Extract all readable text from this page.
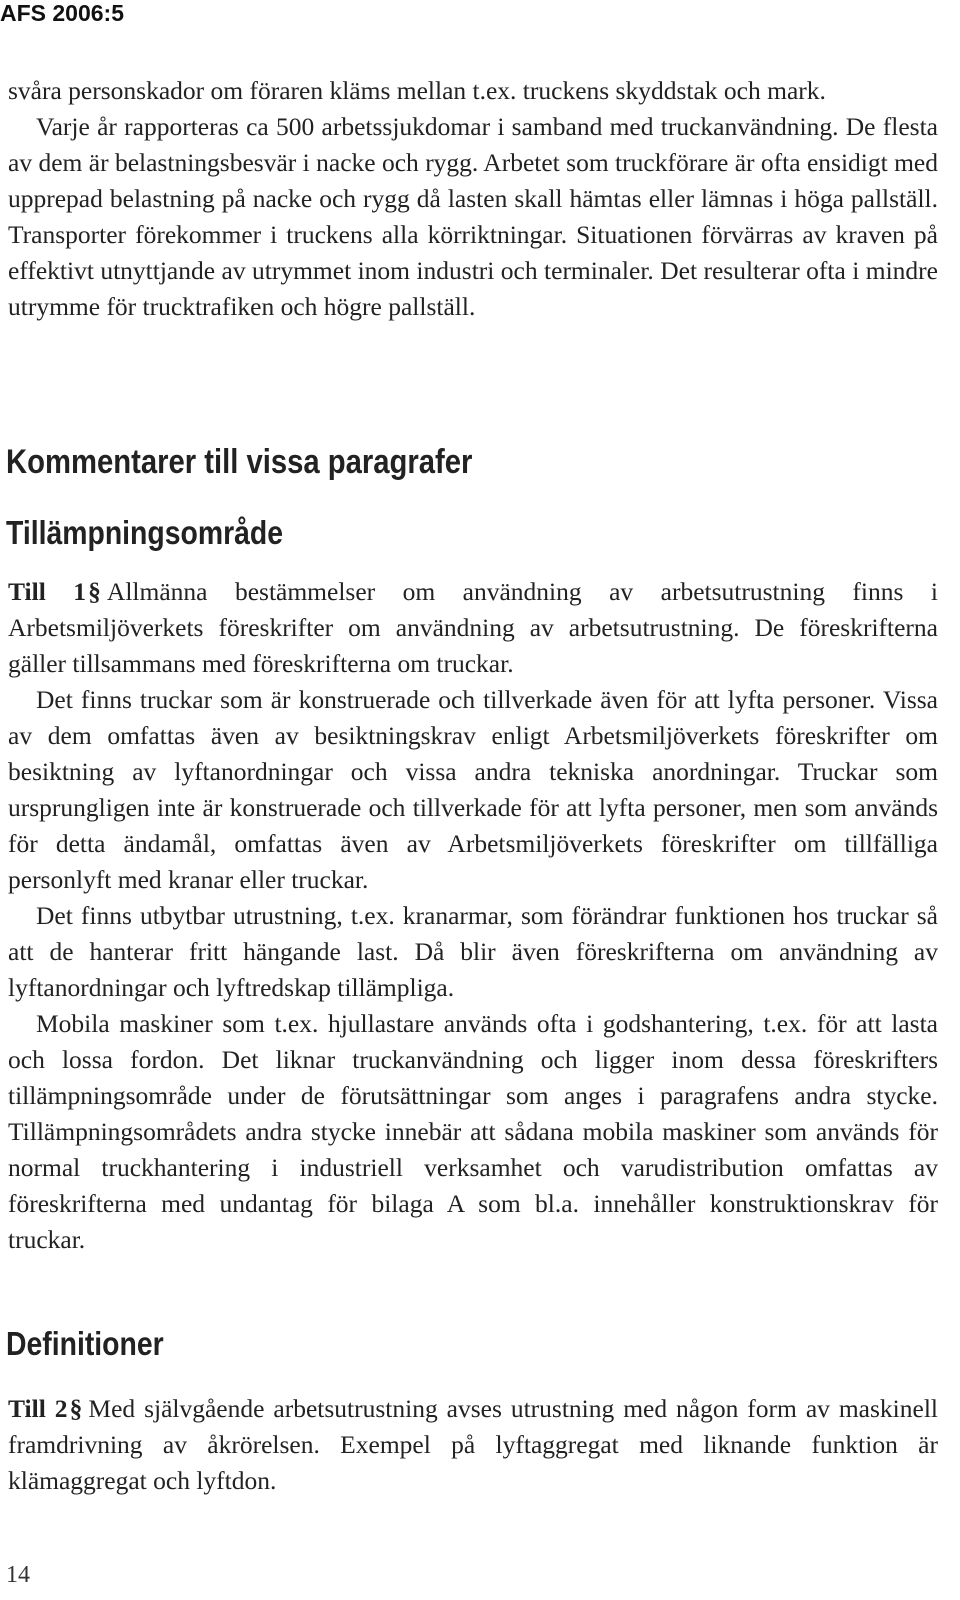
AFS 2006:5

svåra personskador om föraren kläms mellan t.ex. truckens skyddstak och mark.

Varje år rapporteras ca 500 arbetssjukdomar i samband med truckanvändning. De flesta av dem är belastningsbesvär i nacke och rygg. Arbetet som truckförare är ofta ensidigt med upprepad belastning på nacke och rygg då lasten skall hämtas eller lämnas i höga pallställ. Transporter förekommer i truckens alla körriktningar. Situationen förvärras av kraven på effektivt utnyttjande av utrymmet inom industri och terminaler. Det resulterar ofta i mindre utrymme för trucktrafiken och högre pallställ.

Kommentarer till vissa paragrafer
Tillämpningsområde

Till 1 § Allmänna bestämmelser om användning av arbetsutrustning finns i Arbetsmiljöverkets föreskrifter om användning av arbetsutrustning. De föreskrifterna gäller tillsammans med föreskrifterna om truckar.

Det finns truckar som är konstruerade och tillverkade även för att lyfta personer. Vissa av dem omfattas även av besiktningskrav enligt Arbetsmiljöverkets föreskrifter om besiktning av lyftanordningar och vissa andra tekniska anordningar. Truckar som ursprungligen inte är konstruerade och tillverkade för att lyfta personer, men som används för detta ändamål, omfattas även av Arbetsmiljöverkets föreskrifter om tillfälliga personlyft med kranar eller truckar.

Det finns utbytbar utrustning, t.ex. kranarmar, som förändrar funktionen hos truckar så att de hanterar fritt hängande last. Då blir även föreskrifterna om användning av lyftanordningar och lyftredskap tillämpliga.

Mobila maskiner som t.ex. hjullastare används ofta i godshantering, t.ex. för att lasta och lossa fordon. Det liknar truckanvändning och ligger inom dessa föreskrifters tillämpningsområde under de förutsättningar som anges i paragrafens andra stycke. Tillämpningsområdets andra stycke innebär att sådana mobila maskiner som används för normal truckhantering i industriell verksamhet och varudistribution omfattas av föreskrifterna med undantag för bilaga A som bl.a. innehåller konstruktionskrav för truckar.

Definitioner

Till 2 § Med självgående arbetsutrustning avses utrustning med någon form av maskinell framdrivning av åkrörelsen. Exempel på lyftaggregat med liknande funktion är klämaggregat och lyftdon.

14
